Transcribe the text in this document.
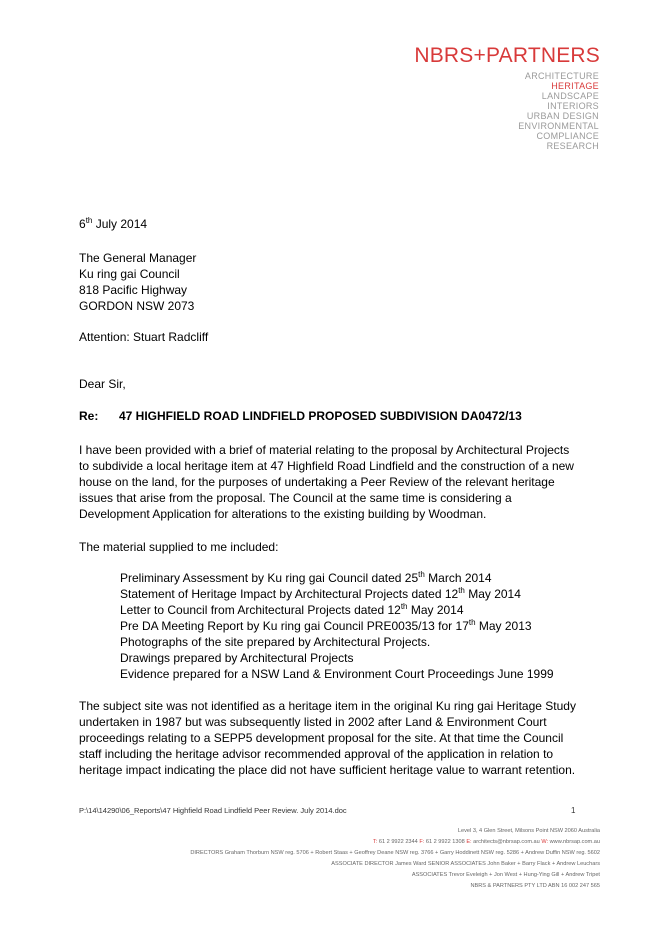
NBRS+PARTNERS
ARCHITECTURE
HERITAGE
LANDSCAPE
INTERIORS
URBAN DESIGN
ENVIRONMENTAL
COMPLIANCE
RESEARCH
6th July 2014
The General Manager
Ku ring gai Council
818 Pacific Highway
GORDON NSW 2073
Attention: Stuart Radcliff
Dear Sir,
Re: 47 HIGHFIELD ROAD LINDFIELD PROPOSED SUBDIVISION DA0472/13

I have been provided with a brief of material relating to the proposal by Architectural Projects to subdivide a local heritage item at 47 Highfield Road Lindfield and the construction of a new house on the land, for the purposes of undertaking a Peer Review of the relevant heritage issues that arise from the proposal. The Council at the same time is considering a Development Application for alterations to the existing building by Woodman.

The material supplied to me included:

Preliminary Assessment by Ku ring gai Council dated 25th March 2014
Statement of Heritage Impact by Architectural Projects dated 12th May 2014
Letter to Council from Architectural Projects dated 12th May 2014
Pre DA Meeting Report by Ku ring gai Council PRE0035/13 for 17th May 2013
Photographs of the site prepared by Architectural Projects.
Drawings prepared by Architectural Projects
Evidence prepared for a NSW Land & Environment Court Proceedings June 1999

The subject site was not identified as a heritage item in the original Ku ring gai Heritage Study undertaken in 1987 but was subsequently listed in 2002 after Land & Environment Court proceedings relating to a SEPP5 development proposal for the site. At that time the Council staff including the heritage advisor recommended approval of the application in relation to heritage impact indicating the place did not have sufficient heritage value to warrant retention.

P:\14\14290\06_Reports\47 Highfield Road Lindfield Peer Review. July 2014.doc	1
Level 3, 4 Glen Street, Milsons Point NSW 2060 Australia
T: 61 2 9922 2344 F: 61 2 9922 1308 E: architects@nbrsap.com.au W: www.nbrsap.com.au
DIRECTORS Graham Thorburn NSW reg. 5706 + Robert Staas + Geoffrey Deane NSW reg. 3766 + Garry Hoddinett NSW reg. 5286 + Andrew Duffin NSW reg. 5602
ASSOCIATE DIRECTOR James Ward SENIOR ASSOCIATES John Baker + Barry Flack + Andrew Leuchars
ASSOCIATES Trevor Eveleigh + Jon West + Hung-Ying Gill + Andrew Tripet
NBRS & PARTNERS PTY LTD ABN 16 002 247 565
